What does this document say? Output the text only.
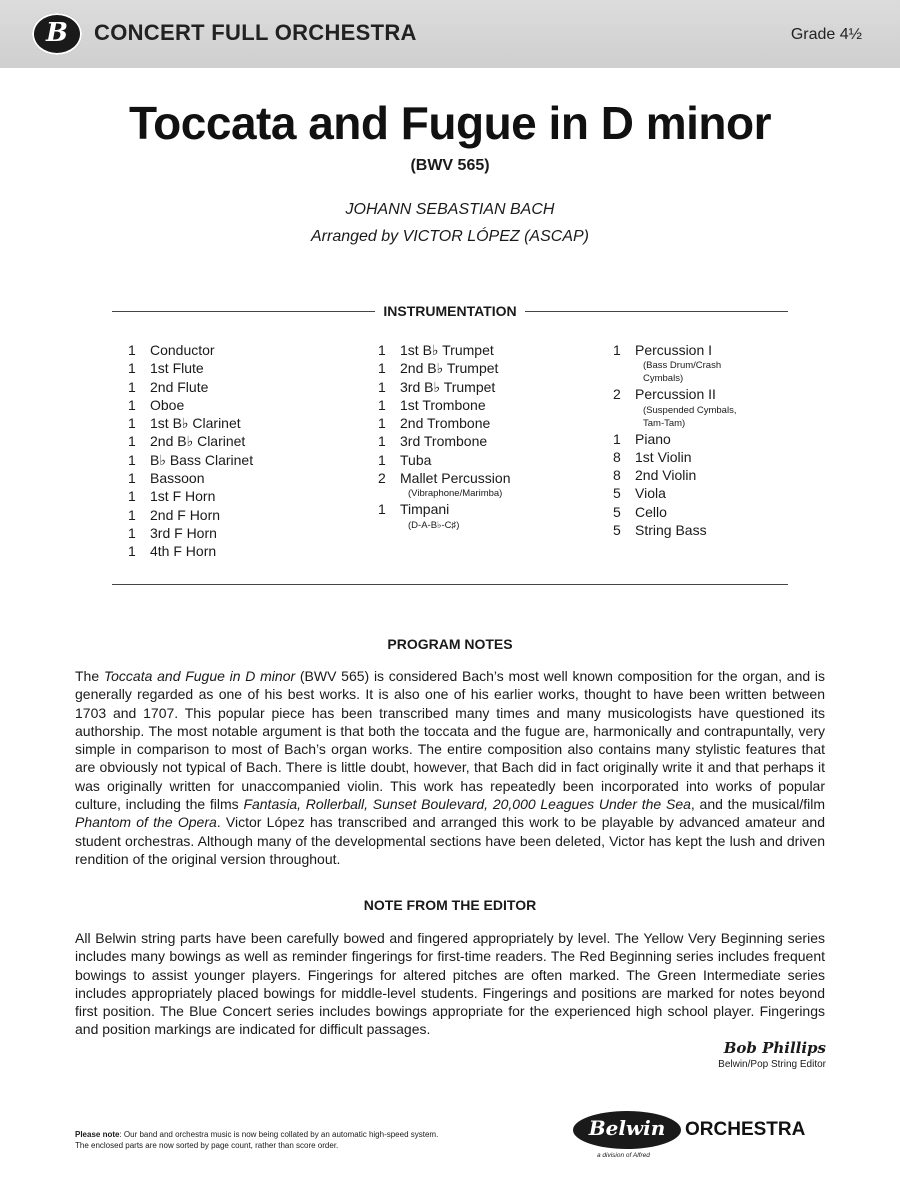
B	CONCERT FULL ORCHESTRA	Grade 4½
Toccata and Fugue in D minor
(BWV 565)
JOHANN SEBASTIAN BACH
Arranged by VICTOR LÓPEZ (ASCAP)
INSTRUMENTATION
1	Conductor
1	1st Flute
1	2nd Flute
1	Oboe
1	1st B♭ Clarinet
1	2nd B♭ Clarinet
1	B♭ Bass Clarinet
1	Bassoon
1	1st F Horn
1	2nd F Horn
1	3rd F Horn
1	4th F Horn
1	1st B♭ Trumpet
1	2nd B♭ Trumpet
1	3rd B♭ Trumpet
1	1st Trombone
1	2nd Trombone
1	3rd Trombone
1	Tuba
2	Mallet Percussion
(Vibraphone/Marimba)
1	Timpani
(D-A-B♭-C♯)
1	Percussion I
(Bass Drum/Crash
Cymbals)
2	Percussion II
(Suspended Cymbals,
Tam-Tam)
1	Piano
8	1st Violin
8	2nd Violin
5	Viola
5	Cello
5	String Bass
PROGRAM NOTES
The Toccata and Fugue in D minor (BWV 565) is considered Bach’s most well known composition for the organ, and is generally regarded as one of his best works. It is also one of his earlier works, thought to have been written between 1703 and 1707. This popular piece has been transcribed many times and many musicologists have questioned its authorship. The most notable argument is that both the toccata and the fugue are, harmonically and contrapuntally, very simple in comparison to most of Bach’s organ works. The entire composition also contains many stylistic features that are obviously not typical of Bach. There is little doubt, however, that Bach did in fact originally write it and that perhaps it was originally written for unaccompanied violin. This work has repeatedly been incorporated into works of popular culture, including the films Fantasia, Rollerball, Sunset Boulevard, 20,000 Leagues Under the Sea, and the musical/film Phantom of the Opera. Victor López has transcribed and arranged this work to be playable by advanced amateur and student orchestras. Although many of the developmental sections have been deleted, Victor has kept the lush and driven rendition of the original version throughout.
NOTE FROM THE EDITOR
All Belwin string parts have been carefully bowed and fingered appropriately by level. The Yellow Very Beginning series includes many bowings as well as reminder fingerings for first-time readers. The Red Beginning series includes frequent bowings to assist younger players. Fingerings for altered pitches are often marked. The Green Intermediate series includes appropriately placed bowings for middle-level students. Fingerings and positions are marked for notes beyond first position. The Blue Concert series includes bowings appropriate for the experienced high school player. Fingerings and position markings are indicated for difficult passages.
Bob Phillips
Belwin/Pop String Editor
Please note: Our band and orchestra music is now being collated by an automatic high-speed system.
The enclosed parts are now sorted by page count, rather than score order.
Belwin	ORCHESTRA
a division of Alfred
